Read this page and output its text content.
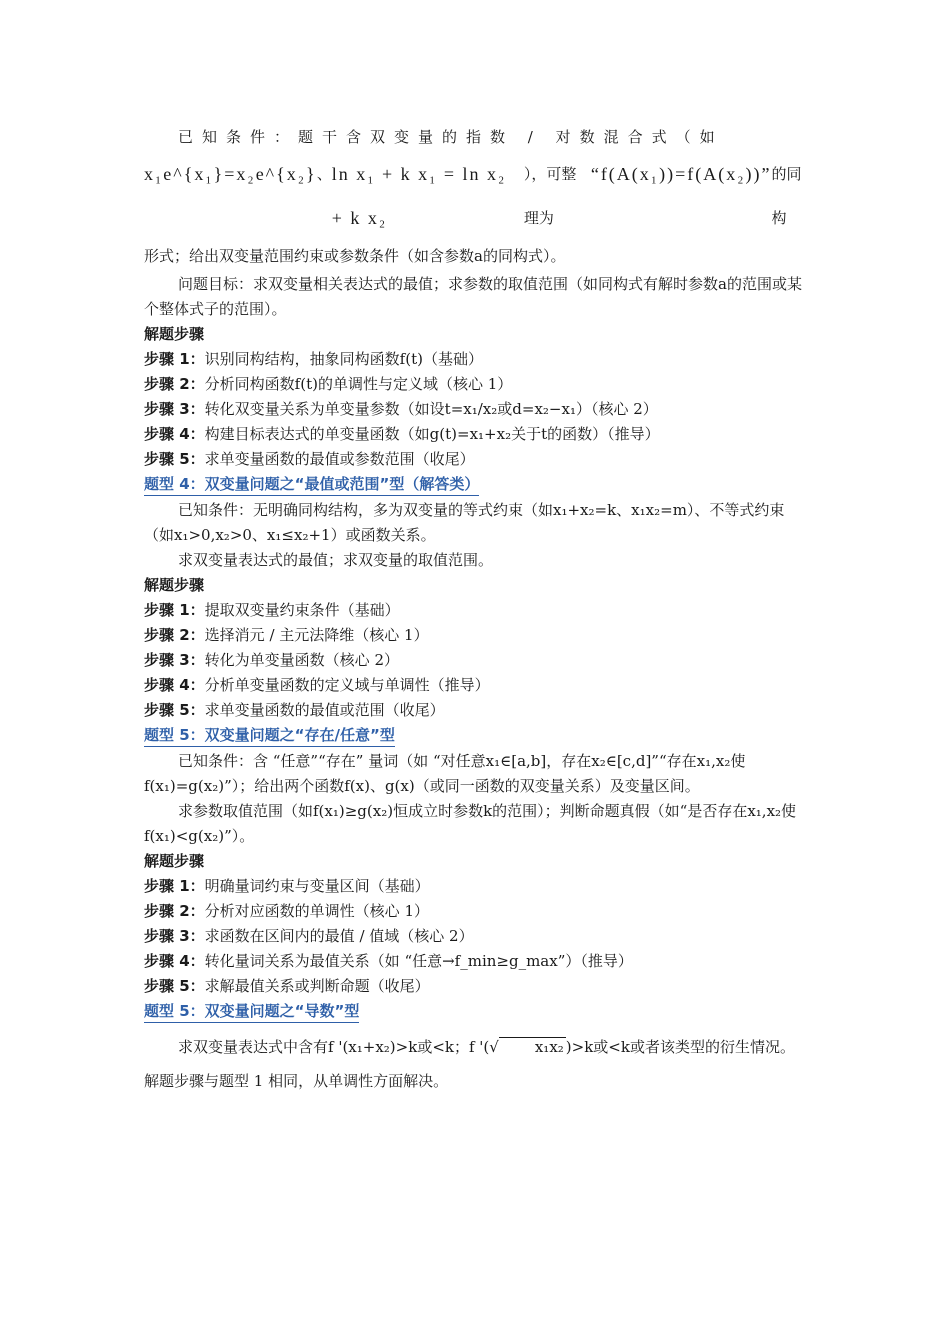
已知条件：题干含双变量的指数 / 对数混合式（如

x₁e^{x₁}=x₂e^{x₂} 、 ln x₁ + k x₁ = ln x₂ + k x₂
），可整理为
“f(A(x₁))=f(A(x₂))” 的同构

形式；给出双变量范围约束或参数条件（如含参数a的同构式）。

问题目标：求双变量相关表达式的最值；求参数的取值范围（如同构式有解时参数a的范围或某个整体式子的范围）。

解题步骤

步骤 1：识别同构结构，抽象同构函数f(t)（基础）

步骤 2：分析同构函数f(t)的单调性与定义域（核心 1）

步骤 3：转化双变量关系为单变量参数（如设t=x₁/x₂或d=x₂−x₁）（核心 2）

步骤 4：构建目标表达式的单变量函数（如g(t)=x₁+x₂关于t的函数）（推导）

步骤 5：求单变量函数的最值或参数范围（收尾）

题型 4：双变量问题之“最值或范围”型（解答类）

已知条件：无明确同构结构，多为双变量的等式约束（如x₁+x₂=k、x₁x₂=m）、不等式约束（如x₁>0,x₂>0、x₁≤x₂+1）或函数关系。

求双变量表达式的最值；求双变量的取值范围。

解题步骤

步骤 1：提取双变量约束条件（基础）

步骤 2：选择消元 / 主元法降维（核心 1）

步骤 3：转化为单变量函数（核心 2）

步骤 4：分析单变量函数的定义域与单调性（推导）

步骤 5：求单变量函数的最值或范围（收尾）

题型 5：双变量问题之“存在/任意”型

已知条件：含 “任意”“存在” 量词（如 “对任意x₁∈[a,b]，存在x₂∈[c,d]”“存在x₁,x₂使f(x₁)=g(x₂)”）；给出两个函数f(x)、g(x)（或同一函数的双变量关系）及变量区间。

求参数取值范围（如f(x₁)≥g(x₂)恒成立时参数k的范围）；判断命题真假（如“是否存在x₁,x₂使f(x₁)<g(x₂)”）。

解题步骤

步骤 1：明确量词约束与变量区间（基础）

步骤 2：分析对应函数的单调性（核心 1）

步骤 3：求函数在区间内的最值 / 值域（核心 2）

步骤 4：转化量词关系为最值关系（如 “任意→f_min≥g_max”）（推导）

步骤 5：求解最值关系或判断命题（收尾）

题型 5：双变量问题之“导数”型

求双变量表达式中含有f '(x₁+x₂)>k或<k；f '(√ x₁x₂ )>k或<k或者该类型的衍生情况。

解题步骤与题型 1 相同，从单调性方面解决。
